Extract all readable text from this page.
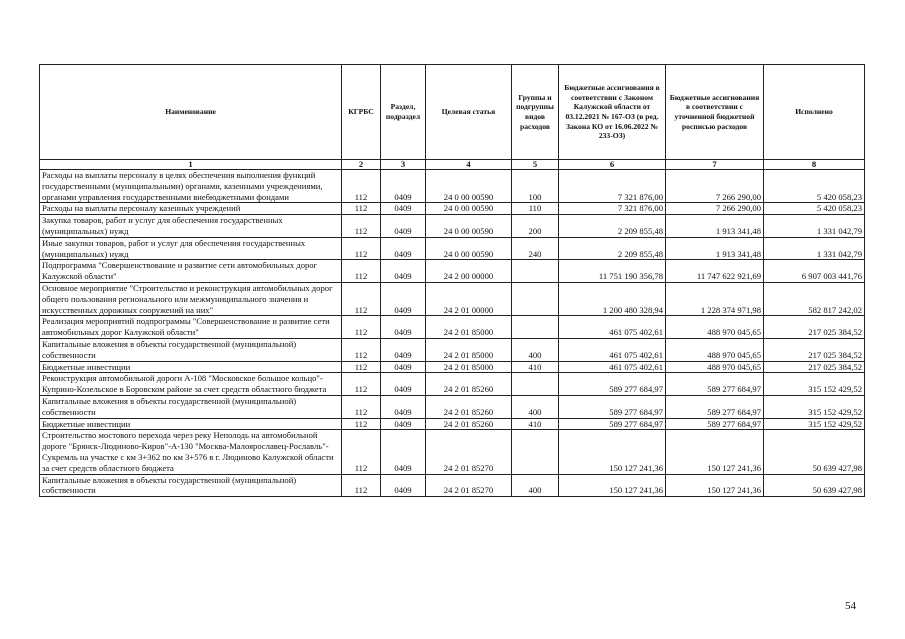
Наименование	КГРБС	Раздел, подраздел	Целевая статья	Группы и подгруппы видов расходов	Бюджетные ассигнования в соответствии с Законом Калужской области от 03.12.2021 № 167-ОЗ (в ред. Закона КО от 16.06.2022 № 233-ОЗ)	Бюджетные ассигнования в соответствии с уточненной бюджетной росписью расходов	Исполнено
1	2	3	4	5	6	7	8
Расходы на выплаты персоналу в целях обеспечения выполнения функций государственными (муниципальными) органами, казенными учреждениями, органами управления государственными внебюджетными фондами	112	0409	24 0 00 00590	100	7 321 876,00	7 266 290,00	5 420 058,23
Расходы на выплаты персоналу казенных учреждений	112	0409	24 0 00 00590	110	7 321 876,00	7 266 290,00	5 420 058,23
Закупка товаров, работ и услуг для обеспечения государственных (муниципальных) нужд	112	0409	24 0 00 00590	200	2 209 855,48	1 913 341,48	1 331 042,79
Иные закупки товаров, работ и услуг для обеспечения государственных (муниципальных) нужд	112	0409	24 0 00 00590	240	2 209 855,48	1 913 341,48	1 331 042,79
Подпрограмма "Совершенствование и развитие сети автомобильных дорог Калужской области"	112	0409	24 2 00 00000		11 751 190 356,78	11 747 622 921,69	6 907 003 441,76
Основное мероприятие "Строительство и реконструкция автомобильных дорог общего пользования регионального или межмуниципального значения и искусственных дорожных сооружений на них"	112	0409	24 2 01 00000		1 200 480 328,94	1 228 374 971,98	582 817 242,02
Реализация мероприятий подпрограммы "Совершенствование и развитие сети автомобильных дорог Калужской области"	112	0409	24 2 01 85000		461 075 402,61	488 970 045,65	217 025 384,52
Капитальные вложения в объекты государственной (муниципальной) собственности	112	0409	24 2 01 85000	400	461 075 402,61	488 970 045,65	217 025 384,52
Бюджетные инвестиции	112	0409	24 2 01 85000	410	461 075 402,61	488 970 045,65	217 025 384,52
Реконструкция автомобильной дороги А-108 "Московское большое кольцо"-Куприно-Козельское в Боровском районе за счет средств областного бюджета	112	0409	24 2 01 85260		589 277 684,97	589 277 684,97	315 152 429,52
Капитальные вложения в объекты государственной (муниципальной) собственности	112	0409	24 2 01 85260	400	589 277 684,97	589 277 684,97	315 152 429,52
Бюджетные инвестиции	112	0409	24 2 01 85260	410	589 277 684,97	589 277 684,97	315 152 429,52
Строительство мостового перехода через реку Неполодь на автомобильной дороге "Брянск-Людиново-Киров"-А-130 "Москва-Малоярославец-Рославль"-Сукремль на участке с км 3+362 по км 3+576 в г. Людиново Калужской области за счет средств областного бюджета	112	0409	24 2 01 85270		150 127 241,36	150 127 241,36	50 639 427,98
Капитальные вложения в объекты государственной (муниципальной) собственности	112	0409	24 2 01 85270	400	150 127 241,36	150 127 241,36	50 639 427,98
54
